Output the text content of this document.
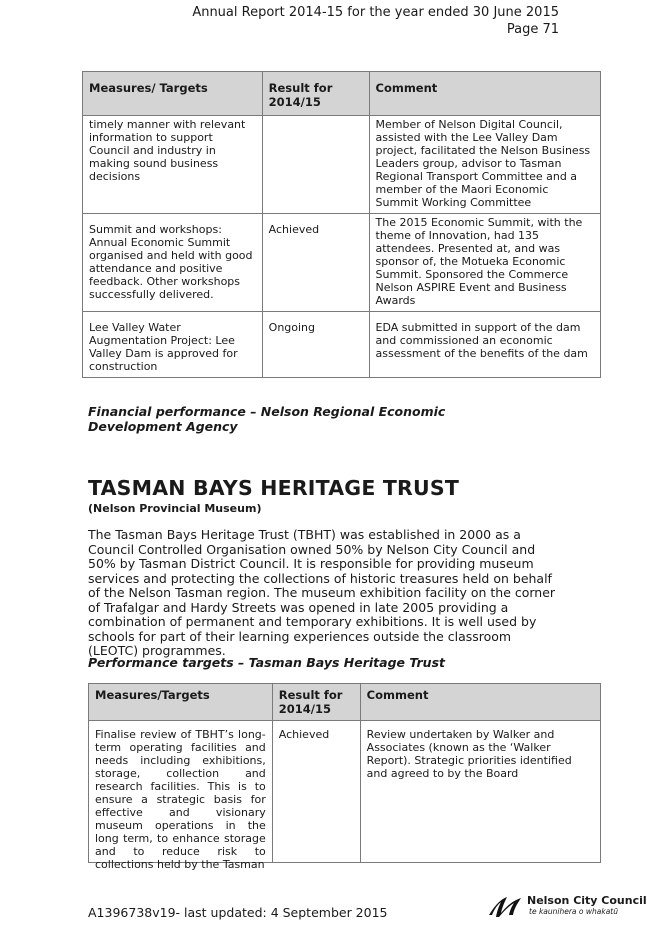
Annual Report 2014-15 for the year ended 30 June 2015
Page 71
Measures/ Targets	Result for 2014/15	Comment
timely manner with relevant information to support Council and industry in making sound business decisions		Member of Nelson Digital Council, assisted with the Lee Valley Dam project, facilitated the Nelson Business Leaders group, advisor to Tasman Regional Transport Committee and a member of the Maori Economic Summit Working Committee
Summit and workshops: Annual Economic Summit organised and held with good attendance and positive feedback. Other workshops successfully delivered.	Achieved	The 2015 Economic Summit, with the theme of Innovation, had 135 attendees. Presented at, and was sponsor of, the Motueka Economic Summit. Sponsored the Commerce Nelson ASPIRE Event and Business Awards
Lee Valley Water Augmentation Project: Lee Valley Dam is approved for construction	Ongoing	EDA submitted in support of the dam and commissioned an economic assessment of the benefits of the dam
Financial performance – Nelson Regional Economic Development Agency
TASMAN BAYS HERITAGE TRUST
(Nelson Provincial Museum)

The Tasman Bays Heritage Trust (TBHT) was established in 2000 as a Council Controlled Organisation owned 50% by Nelson City Council and 50% by Tasman District Council. It is responsible for providing museum services and protecting the collections of historic treasures held on behalf of the Nelson Tasman region. The museum exhibition facility on the corner of Trafalgar and Hardy Streets was opened in late 2005 providing a combination of permanent and temporary exhibitions. It is well used by schools for part of their learning experiences outside the classroom (LEOTC) programmes.

Performance targets – Tasman Bays Heritage Trust
Measures/Targets	Result for 2014/15	Comment

Finalise review of TBHT’s long-term operating facilities and needs including exhibitions, storage, collection and research facilities. This is to ensure a strategic basis for effective and visionary museum operations in the long term, to enhance storage and to reduce risk to collections held by the Tasman	Achieved	Review undertaken by Walker and Associates (known as the ‘Walker Report). Strategic priorities identified and agreed to by the Board
A1396738v19- last updated: 4 September 2015
Nelson City Council
te kaunihera o whakatū
